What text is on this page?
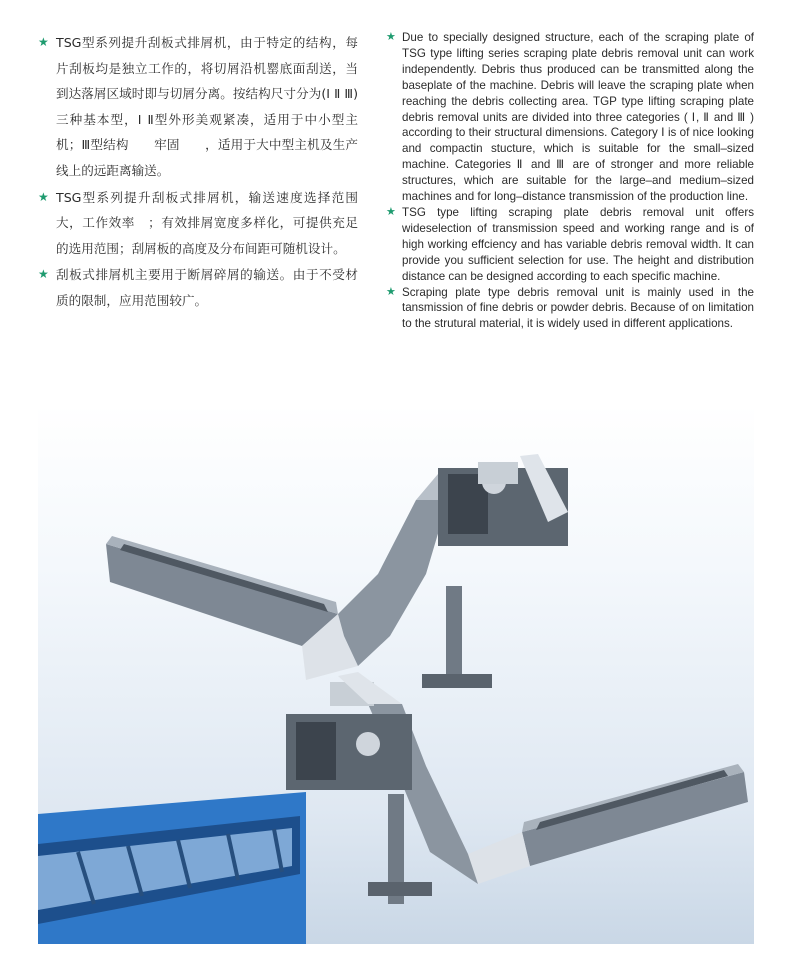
★ TSG型系列提升刮板式排屑机，由于特定的结构，每片刮板均是独立工作的，将切屑沿机罂底面刮送，当到达落屑区域时即与切屑分离。按结构尺寸分为(Ⅰ Ⅱ Ⅲ)三种基本型，Ⅰ Ⅱ型外形美观紧凑，适用于中小型主机；Ⅲ型结构　　牢固　　，适用于大中型主机及生产线上的远距离输送。
★ TSG型系列提升刮板式排屑机，输送速度选择范围大，工作效率　；有效排屑宽度多样化，可提供充足的选用范围；刮屑板的高度及分布间距可随机设计。
★ 刮板式排屑机主要用于断屑碎屑的输送。由于不受材质的限制，应用范围较广。
★ Due to specially designed structure, each of the scraping plate of TSG type lifting series scraping plate debris removal unit can work independently. Debris thus produced can be transmitted along the baseplate of the machine. Debris will leave the scraping plate when reaching the debris collecting area. TGP type lifting scraping plate debris removal units are divided into three categories ( Ⅰ, Ⅱ and Ⅲ ) according to their structural dimensions. Category Ⅰ is of nice looking and compactin stucture, which is suitable for the small–sized machine. Categories Ⅱ and Ⅲ are of stronger and more reliable structures, which are suitable for the large–and medium–sized machines and for long–distance transmission of the production line.
★ TSG type lifting scraping plate debris removal unit offers wideselection of transmission speed and working range and is of high working effciency and has variable debris removal width. It can provide you sufficient selection for use. The height and distribution distance can be designed according to each specific machine.
★ Scraping plate type debris removal unit is mainly used in the tansmission of fine debris or powder debris. Because of on limitation to the strutural material, it is widely used in different applications.
